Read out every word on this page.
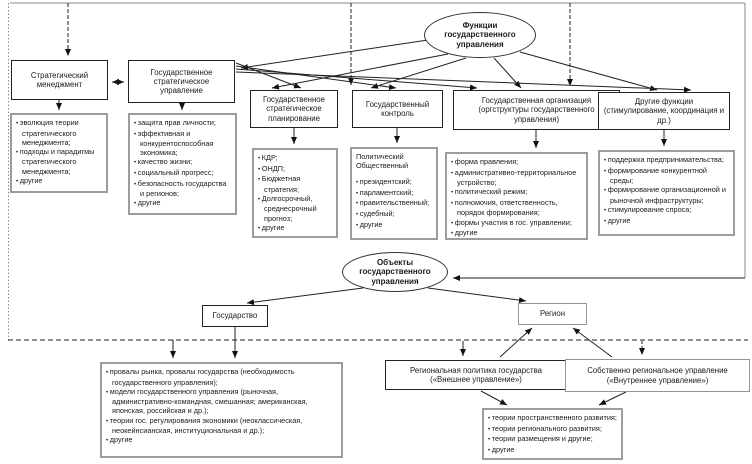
Функции государственного управления
Стратегический менеджмент
Государственное стратегическое управление
Государственное стратегическое планирование
Государственный контроль
Государственная организация (оргструктуры государственного управления)
Другие функции (стимулирование, координация и др.)
• эволюция теории стратегического менеджмента;
• подходы и парадигмы стратегического менеджмента;
• другие
• защита прав личности;
• эффективная и конкурентоспособная экономика;
• качество жизни;
• социальный прогресс;
• безопасность государства и регионов;
• другие
• КДР;
• ОНДП;
• Бюджетная стратегия;
• Долгосрочный, среднесрочный прогноз;
• другие
Политический
Общественный
• президентский;
• парламентский;
• правительственный;
• судебный;
• другие
• форма правления;
• административно-территориальное устройство;
• политический режим;
• полномочия, ответственность, порядок формирования;
• формы участия в гос. управлении;
• другие
• поддержка предпринимательства;
• формирование конкурентной среды;
• формирование организационной и рыночной инфраструктуры;
• стимулирование спроса;
• другие
Объекты государственного управления
Государство	Регион
• провалы рынка, провалы государства (необходимость государственного управления);
• модели государственного управления (рыночная, административно-командная, смешанная; американская, японская, российская и др.);
• теории гос. регулирования экономики (неоклассическая, неокейнсианская, институциональная и др.);
• другие
Региональная политика государства («Внешнее управление»)
Собственно региональное управление («Внутреннее управление»)
• теории пространственного развития;
• теории регионального развития;
• теории размещения и другие;
• другие
